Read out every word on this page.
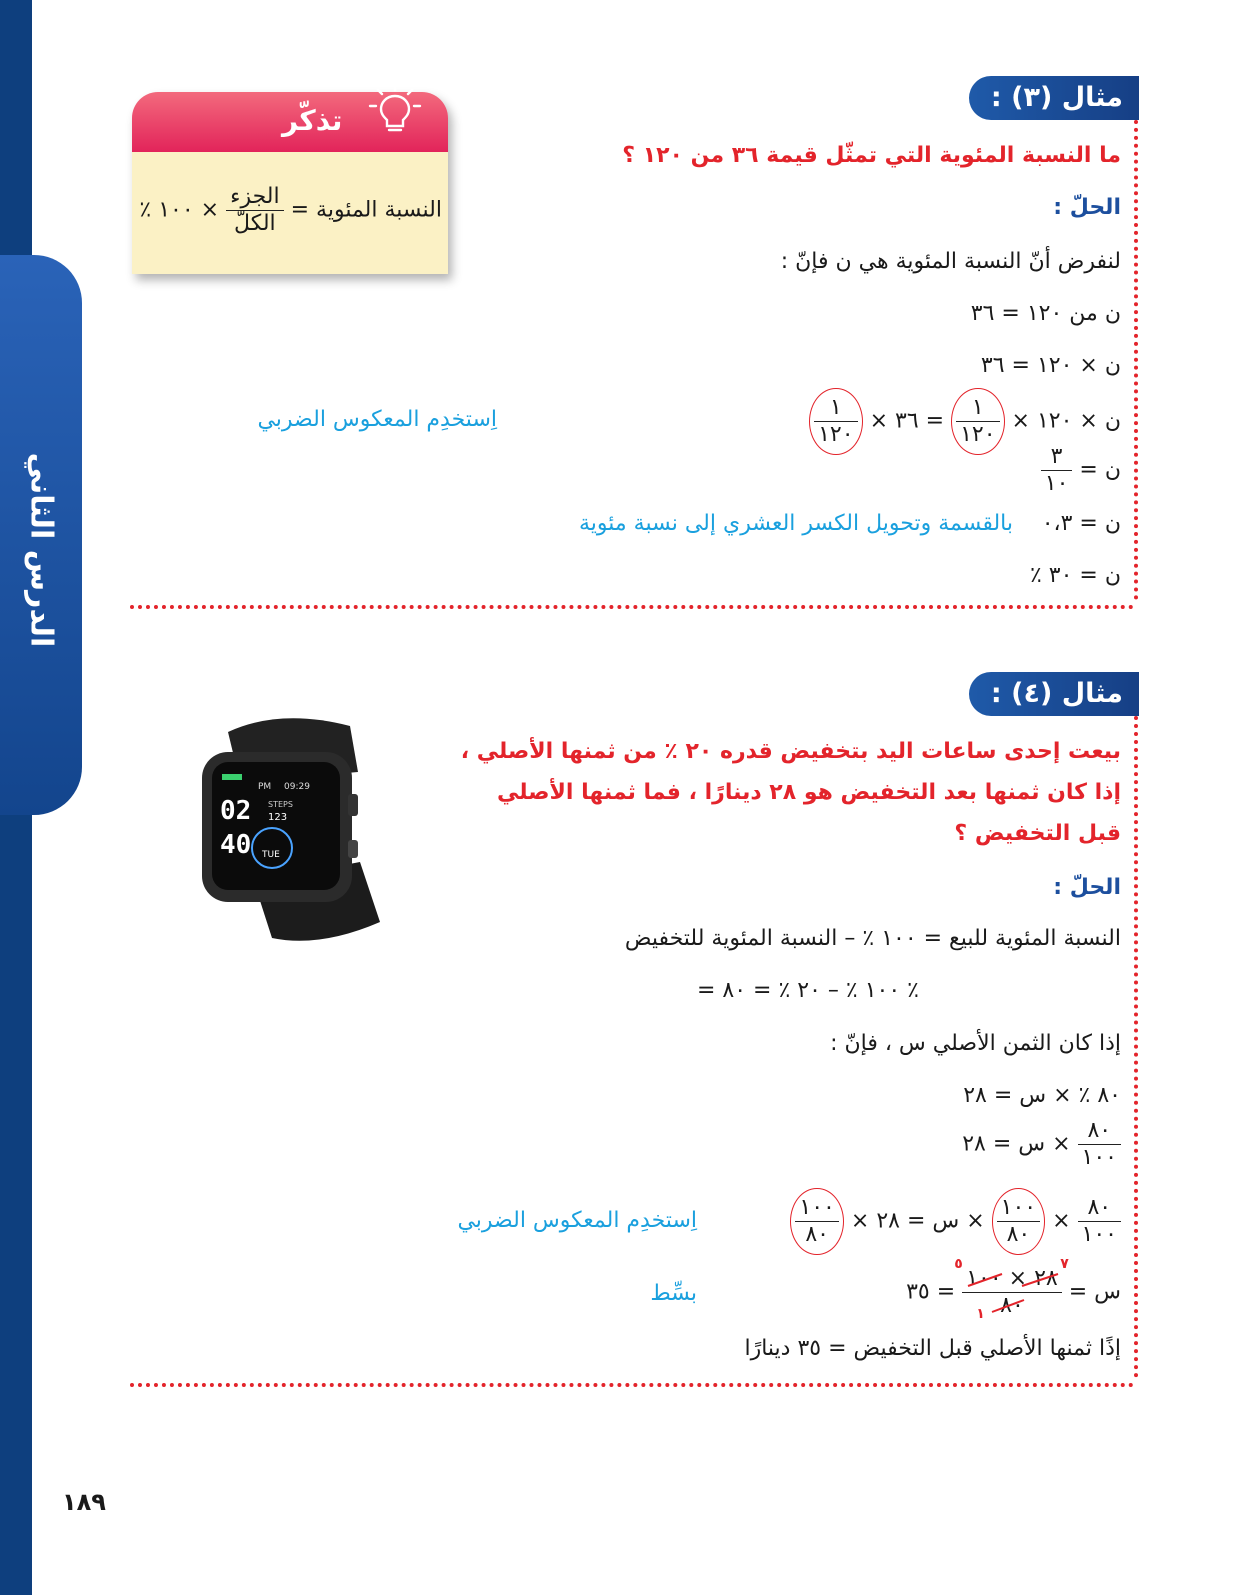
الدرس الثاني
تذكّر
النسبة المئوية =
$\frac{\text{الجزء}}{\text{الكلّ}}$
× ١٠٠ ٪
مثال (٣) :
ما النسبة المئوية التي تمثّل قيمة ٣٦ من ١٢٠ ؟
الحلّ :
لنفرض أنّ النسبة المئوية هي ن فإنّ :
ن من ١٢٠ = ٣٦
ن × ١٢٠ = ٣٦
ن × ١٢٠ ×
$\frac{١}{١٢٠}$
= ٣٦ ×
$\frac{١}{١٢٠}$
اِستخدِم المعكوس الضربي
ن =
$\frac{٣}{١٠}$
ن = ٠،٣
بالقسمة وتحويل الكسر العشري إلى نسبة مئوية
ن = ٣٠ ٪
مثال (٤) :
بيعت إحدى ساعات اليد بتخفيض قدره ٢٠ ٪ من ثمنها الأصلي ،
إذا كان ثمنها بعد التخفيض هو ٢٨ دينارًا ، فما ثمنها الأصلي
قبل التخفيض ؟
الحلّ :
النسبة المئوية للبيع = ١٠٠ ٪ – النسبة المئوية للتخفيض
= ١٠٠ ٪ – ٢٠ ٪ = ٨٠ ٪
إذا كان الثمن الأصلي س ، فإنّ :
٨٠ ٪ × س = ٢٨
$\frac{٨٠}{١٠٠}$
× س = ٢٨
$\frac{٨٠}{١٠٠}$
×
$\frac{١٠٠}{٨٠}$
× س = ٢٨ ×
$\frac{١٠٠}{٨٠}$
اِستخدِم المعكوس الضربي
س =
٢٨ × ١٠٠
٨٠
٧
٥
١
= ٣٥
بسِّط
إذًا ثمنها الأصلي قبل التخفيض = ٣٥ دينارًا
02
40
PM 09:29
STEPS
123
TUE
١٨٩
